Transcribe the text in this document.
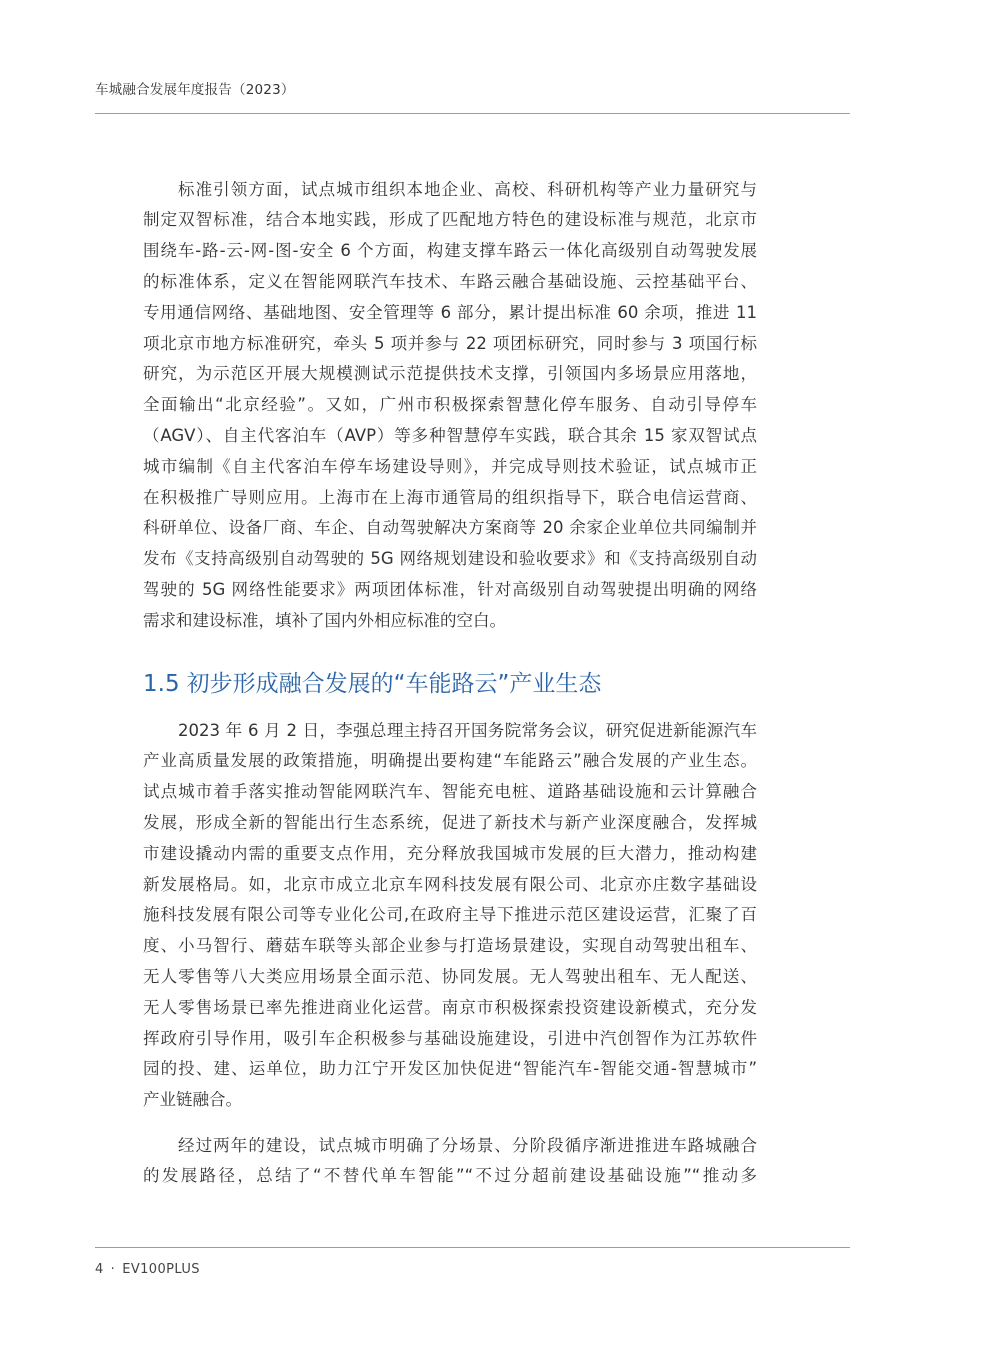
车城融合发展年度报告（2023）
标准引领方面，试点城市组织本地企业、高校、科研机构等产业力量研究与
制定双智标准，结合本地实践，形成了匹配地方特色的建设标准与规范，北京市
围绕车-路-云-网-图-安全 6 个方面，构建支撑车路云一体化高级别自动驾驶发展
的标准体系，定义在智能网联汽车技术、车路云融合基础设施、云控基础平台、
专用通信网络、基础地图、安全管理等 6 部分，累计提出标准 60 余项，推进 11
项北京市地方标准研究，牵头 5 项并参与 22 项团标研究，同时参与 3 项国行标
研究，为示范区开展大规模测试示范提供技术支撑，引领国内多场景应用落地，
全面输出“北京经验”。又如，广州市积极探索智慧化停车服务、自动引导停车
（AGV）、自主代客泊车（AVP）等多种智慧停车实践，联合其余 15 家双智试点
城市编制《自主代客泊车停车场建设导则》，并完成导则技术验证，试点城市正
在积极推广导则应用。上海市在上海市通管局的组织指导下，联合电信运营商、
科研单位、设备厂商、车企、自动驾驶解决方案商等 20 余家企业单位共同编制并
发布《支持高级别自动驾驶的 5G 网络规划建设和验收要求》和《支持高级别自动
驾驶的 5G 网络性能要求》两项团体标准，针对高级别自动驾驶提出明确的网络
需求和建设标准，填补了国内外相应标准的空白。
1.5 初步形成融合发展的“车能路云”产业生态
2023 年 6 月 2 日，李强总理主持召开国务院常务会议，研究促进新能源汽车
产业高质量发展的政策措施，明确提出要构建“车能路云”融合发展的产业生态。
试点城市着手落实推动智能网联汽车、智能充电桩、道路基础设施和云计算融合
发展，形成全新的智能出行生态系统，促进了新技术与新产业深度融合，发挥城
市建设撬动内需的重要支点作用，充分释放我国城市发展的巨大潜力，推动构建
新发展格局。如，北京市成立北京车网科技发展有限公司、北京亦庄数字基础设
施科技发展有限公司等专业化公司,在政府主导下推进示范区建设运营，汇聚了百
度、小马智行、蘑菇车联等头部企业参与打造场景建设，实现自动驾驶出租车、
无人零售等八大类应用场景全面示范、协同发展。无人驾驶出租车、无人配送、
无人零售场景已率先推进商业化运营。南京市积极探索投资建设新模式，充分发
挥政府引导作用，吸引车企积极参与基础设施建设，引进中汽创智作为江苏软件
园的投、建、运单位，助力江宁开发区加快促进“智能汽车-智能交通-智慧城市”
产业链融合。
经过两年的建设，试点城市明确了分场景、分阶段循序渐进推进车路城融合
的发展路径，总结了“不替代单车智能”“不过分超前建设基础设施”“推动多
4 · EV100PLUS
